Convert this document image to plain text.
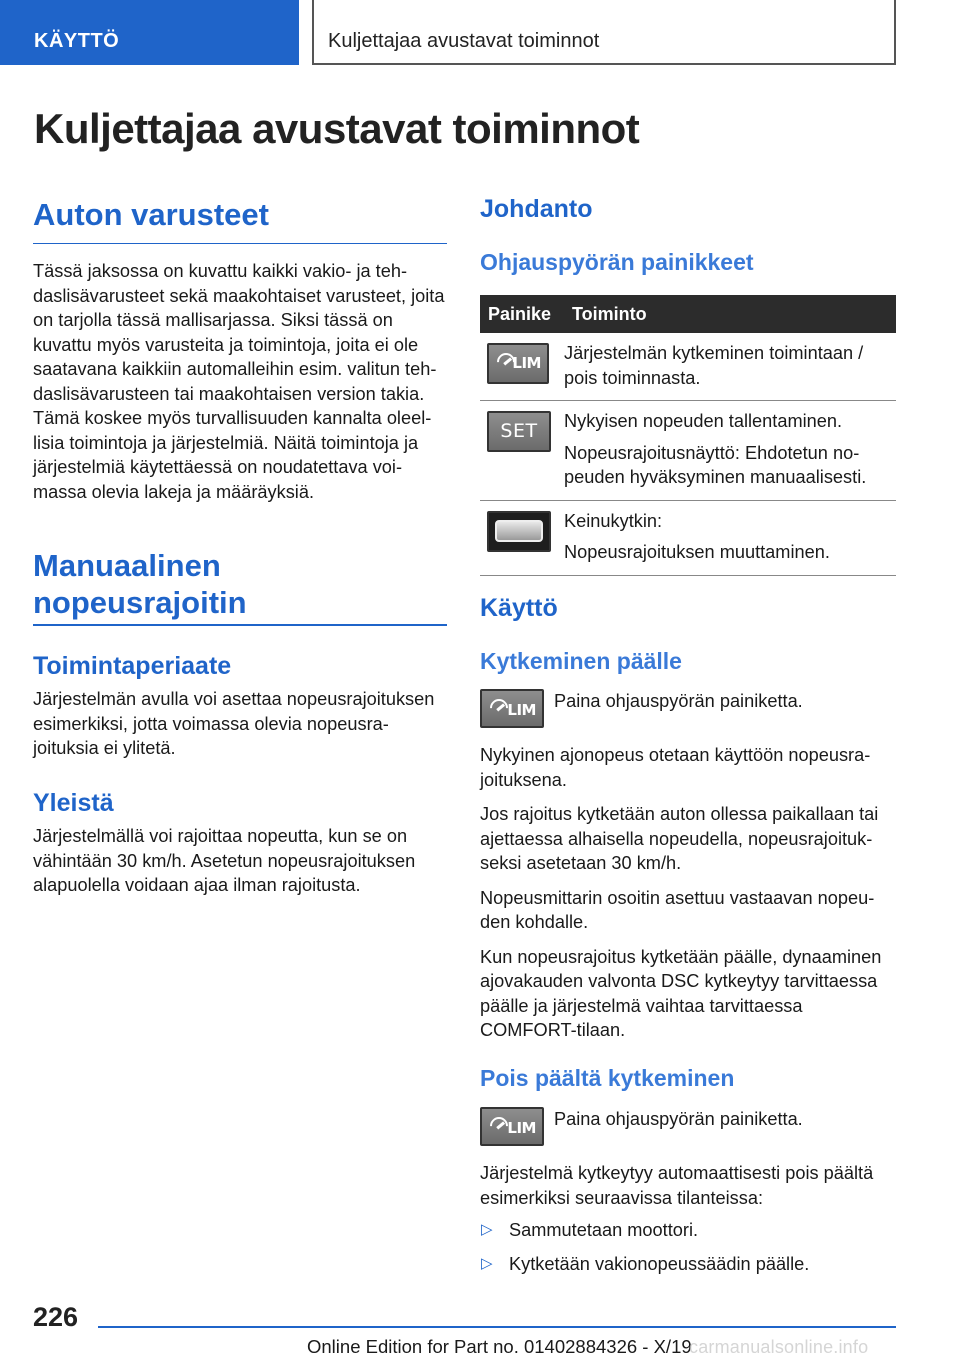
KÄYTTÖ	Kuljettajaa avustavat toiminnot
Kuljettajaa avustavat toiminnot
Auton varusteet

Tässä jaksossa on kuvattu kaikki vakio- ja tehdaslisävarusteet sekä maakohtaiset varusteet, joita on tarjolla tässä mallisarjassa. Siksi tässä on kuvattu myös varusteita ja toimintoja, joita ei ole saatavana kaikkiin automalleihin esim. valitun tehdaslisävarusteen tai maakohtaisen version takia. Tämä koskee myös turvallisuuden kannalta oleellisia toimintoja ja järjestelmiä. Näitä toimintoja ja järjestelmiä käytettäessä on noudatettava voimassa olevia lakeja ja määräyksiä.

Manuaalinen nopeusrajoitin
Toimintaperiaate

Järjestelmän avulla voi asettaa nopeusrajoituksen esimerkiksi, jotta voimassa olevia nopeusrajoituksia ei ylitetä.

Yleistä

Järjestelmällä voi rajoittaa nopeutta, kun se on vähintään 30 km/h. Asetetun nopeusrajoituksen alapuolella voidaan ajaa ilman rajoitusta.

Johdanto
Ohjauspyörän painikkeet
Painike	Toiminto

LIM	Järjestelmän kytkeminen toimintaan / pois toiminnasta.

SET	Nykyisen nopeuden tallentaminen.

Nopeusrajoitusnäyttö: Ehdotetun nopeuden hyväksyminen manuaalisesti.

	Keinukytkin:

Nopeusrajoituksen muuttaminen.

Käyttö
Kytkeminen päälle
LIM Paina ohjauspyörän painiketta.

Nykyinen ajonopeus otetaan käyttöön nopeusrajoituksena.

Jos rajoitus kytketään auton ollessa paikallaan tai ajettaessa alhaisella nopeudella, nopeusrajoitukseksi asetetaan 30 km/h.

Nopeusmittarin osoitin asettuu vastaavan nopeuden kohdalle.

Kun nopeusrajoitus kytketään päälle, dynaaminen ajovakauden valvonta DSC kytkeytyy tarvittaessa päälle ja järjestelmä vaihtaa tarvittaessa COMFORT-tilaan.

Pois päältä kytkeminen
LIM Paina ohjauspyörän painiketta.

Järjestelmä kytkeytyy automaattisesti pois päältä esimerkiksi seuraavissa tilanteissa:

▷ Sammutetaan moottori.
▷ Kytketään vakionopeussäädin päälle.
226
Online Edition for Part no. 01402884326 - X/19
carmanualsonline.info
